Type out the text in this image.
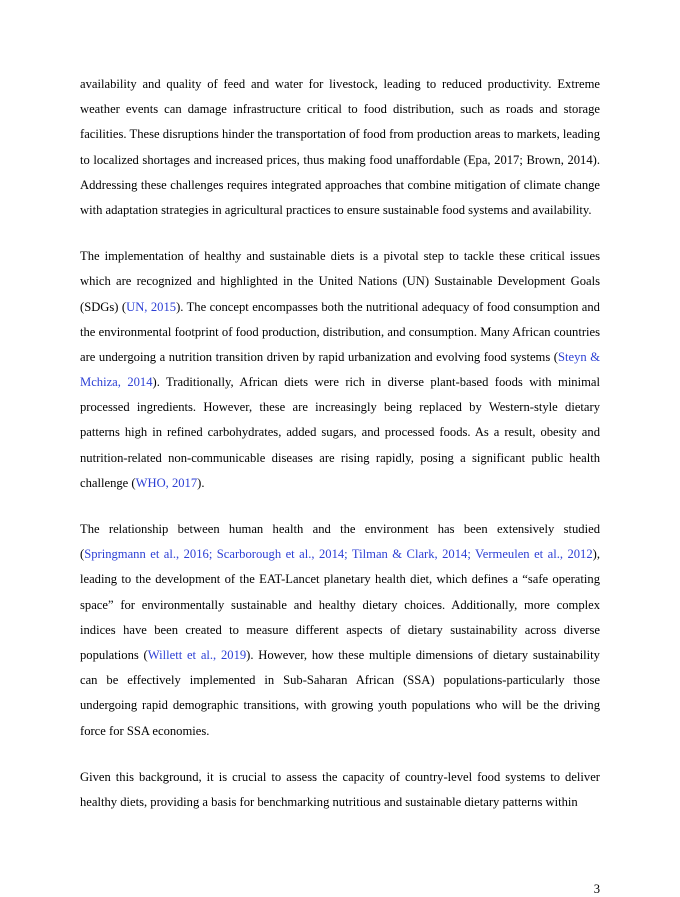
availability and quality of feed and water for livestock, leading to reduced productivity. Extreme weather events can damage infrastructure critical to food distribution, such as roads and storage facilities. These disruptions hinder the transportation of food from production areas to markets, leading to localized shortages and increased prices, thus making food unaffordable (Epa, 2017; Brown, 2014). Addressing these challenges requires integrated approaches that combine mitigation of climate change with adaptation strategies in agricultural practices to ensure sustainable food systems and availability.

The implementation of healthy and sustainable diets is a pivotal step to tackle these critical issues which are recognized and highlighted in the United Nations (UN) Sustainable Development Goals (SDGs) (UN, 2015). The concept encompasses both the nutritional adequacy of food consumption and the environmental footprint of food production, distribution, and consumption. Many African countries are undergoing a nutrition transition driven by rapid urbanization and evolving food systems (Steyn & Mchiza, 2014). Traditionally, African diets were rich in diverse plant-based foods with minimal processed ingredients. However, these are increasingly being replaced by Western-style dietary patterns high in refined carbohydrates, added sugars, and processed foods. As a result, obesity and nutrition-related non-communicable diseases are rising rapidly, posing a significant public health challenge (WHO, 2017).

The relationship between human health and the environment has been extensively studied (Springmann et al., 2016; Scarborough et al., 2014; Tilman & Clark, 2014; Vermeulen et al., 2012), leading to the development of the EAT-Lancet planetary health diet, which defines a “safe operating space” for environmentally sustainable and healthy dietary choices. Additionally, more complex indices have been created to measure different aspects of dietary sustainability across diverse populations (Willett et al., 2019). However, how these multiple dimensions of dietary sustainability can be effectively implemented in Sub-Saharan African (SSA) populations-particularly those undergoing rapid demographic transitions, with growing youth populations who will be the driving force for SSA economies.

Given this background, it is crucial to assess the capacity of country-level food systems to deliver healthy diets, providing a basis for benchmarking nutritious and sustainable dietary patterns within

3
